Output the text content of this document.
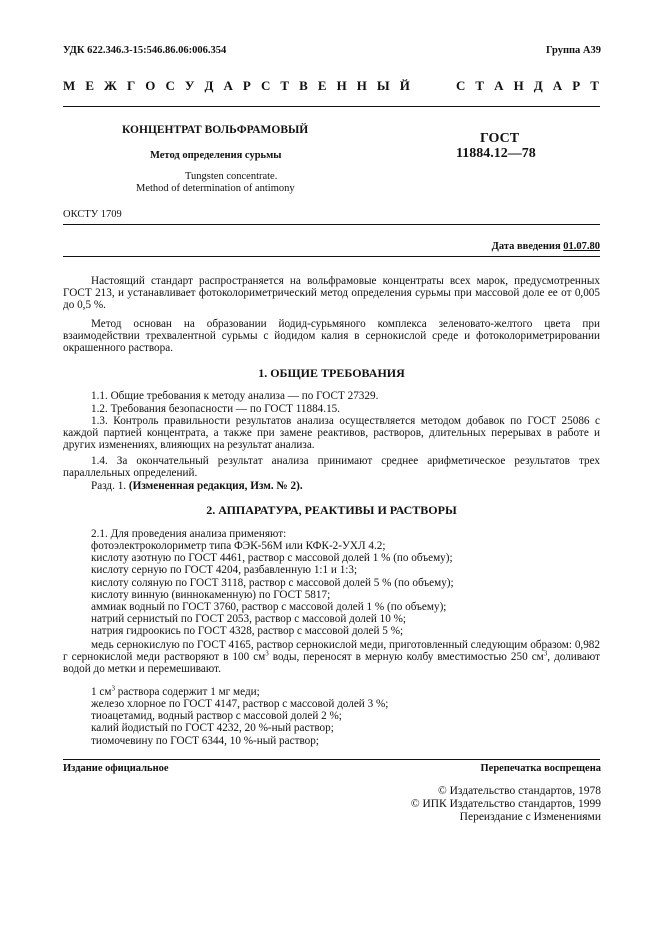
УДК 622.346.3-15:546.86.06:006.354	Группа А39
М Е Ж Г О С У Д А Р С Т В Е Н Н Ы Й	С Т А Н Д А Р Т
КОНЦЕНТРАТ ВОЛЬФРАМОВЫЙ
Метод определения сурьмы
Tungsten concentrate.
Method of determination of antimony
ГОСТ
11884.12—78
ОКСТУ 1709
Дата введения 01.07.80
Настоящий стандарт распространяется на вольфрамовые концентраты всех марок, предусмотренных ГОСТ 213, и устанавливает фотоколориметрический метод определения сурьмы при массовой доле ее от 0,005 до 0,5 %.
Метод основан на образовании йодид-сурьмяного комплекса зеленовато-желтого цвета при взаимодействии трехвалентной сурьмы с йодидом калия в сернокислой среде и фотоколориметрировании окрашенного раствора.
1. ОБЩИЕ ТРЕБОВАНИЯ
1.1. Общие требования к методу анализа — по ГОСТ 27329.
1.2. Требования безопасности — по ГОСТ 11884.15.
1.3. Контроль правильности результатов анализа осуществляется методом добавок по ГОСТ 25086 с каждой партией концентрата, а также при замене реактивов, растворов, длительных перерывах в работе и других изменениях, влияющих на результат анализа.
1.4. За окончательный результат анализа принимают среднее арифметическое результатов трех параллельных определений.
Разд. 1. (Измененная редакция, Изм. № 2).
2. АППАРАТУРА, РЕАКТИВЫ И РАСТВОРЫ
2.1. Для проведения анализа применяют:
фотоэлектроколориметр типа ФЭК-56М или КФК-2-УХЛ 4.2;
кислоту азотную по ГОСТ 4461, раствор с массовой долей 1 % (по объему);
кислоту серную по ГОСТ 4204, разбавленную 1:1 и 1:3;
кислоту соляную по ГОСТ 3118, раствор с массовой долей 5 % (по объему);
кислоту винную (виннокаменную) по ГОСТ 5817;
аммиак водный по ГОСТ 3760, раствор с массовой долей 1 % (по объему);
натрий сернистый по ГОСТ 2053, раствор с массовой долей 10 %;
натрия гидроокись по ГОСТ 4328, раствор с массовой долей 5 %;
медь сернокислую по ГОСТ 4165, раствор сернокислой меди, приготовленный следующим образом: 0,982 г сернокислой меди растворяют в 100 $см^3$ воды, переносят в мерную колбу вместимостью 250 $см^3$, доливают водой до метки и перемешивают.
1 $см^3$ раствора содержит 1 мг меди;
железо хлорное по ГОСТ 4147, раствор с массовой долей 3 %;
тиоацетамид, водный раствор с массовой долей 2 %;
калий йодистый по ГОСТ 4232, 20 %-ный раствор;
тиомочевину по ГОСТ 6344, 10 %-ный раствор;
Издание официальное	Перепечатка воспрещена
© Издательство стандартов, 1978
© ИПК Издательство стандартов, 1999
Переиздание с Изменениями
